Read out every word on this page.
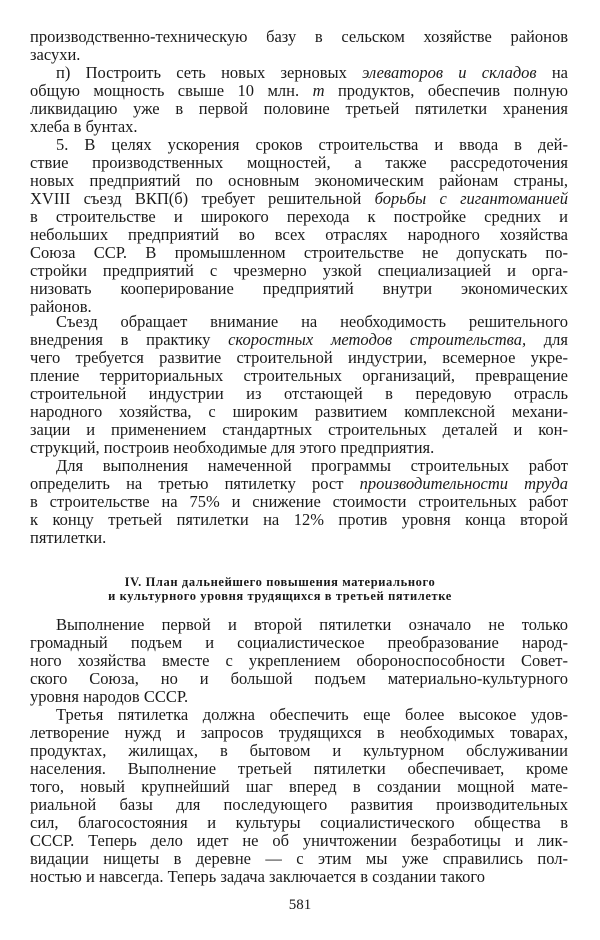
производственно-техническую базу в сельском хозяйстве районов
засухи.
п) Построить сеть новых зерновых элеваторов и складов на
общую мощность свыше 10 млн. т продуктов, обеспечив полную
ликвидацию уже в первой половине третьей пятилетки хранения
хлеба в бунтах.
5. В целях ускорения сроков строительства и ввода в дей-
ствие производственных мощностей, а также рассредоточения
новых предприятий по основным экономическим районам страны,
XVIII съезд ВКП(б) требует решительной борьбы с гигантоманией
в строительстве и широкого перехода к постройке средних и
небольших предприятий во всех отраслях народного хозяйства
Союза ССР. В промышленном строительстве не допускать по-
стройки предприятий с чрезмерно узкой специализацией и орга-
низовать кооперирование предприятий внутри экономических
районов.
Съезд обращает внимание на необходимость решительного
внедрения в практику скоростных методов строительства, для
чего требуется развитие строительной индустрии, всемерное укре-
пление территориальных строительных организаций, превращение
строительной индустрии из отстающей в передовую отрасль
народного хозяйства, с широким развитием комплексной механи-
зации и применением стандартных строительных деталей и кон-
струкций, построив необходимые для этого предприятия.
Для выполнения намеченной программы строительных работ
определить на третью пятилетку рост производительности труда
в строительстве на 75% и снижение стоимости строительных работ
к концу третьей пятилетки на 12% против уровня конца второй
пятилетки.
IV. План дальнейшего повышения материального
и культурного уровня трудящихся в третьей пятилетке
Выполнение первой и второй пятилетки означало не только
громадный подъем и социалистическое преобразование народ-
ного хозяйства вместе с укреплением обороноспособности Совет-
ского Союза, но и большой подъем материально-культурного
уровня народов СССР.
Третья пятилетка должна обеспечить еще более высокое удов-
летворение нужд и запросов трудящихся в необходимых товарах,
продуктах, жилищах, в бытовом и культурном обслуживании
населения. Выполнение третьей пятилетки обеспечивает, кроме
того, новый крупнейший шаг вперед в создании мощной мате-
риальной базы для последующего развития производительных
сил, благосостояния и культуры социалистического общества в
СССР. Теперь дело идет не об уничтожении безработицы и лик-
видации нищеты в деревне — с этим мы уже справились пол-
ностью и навсегда. Теперь задача заключается в создании такого
581
